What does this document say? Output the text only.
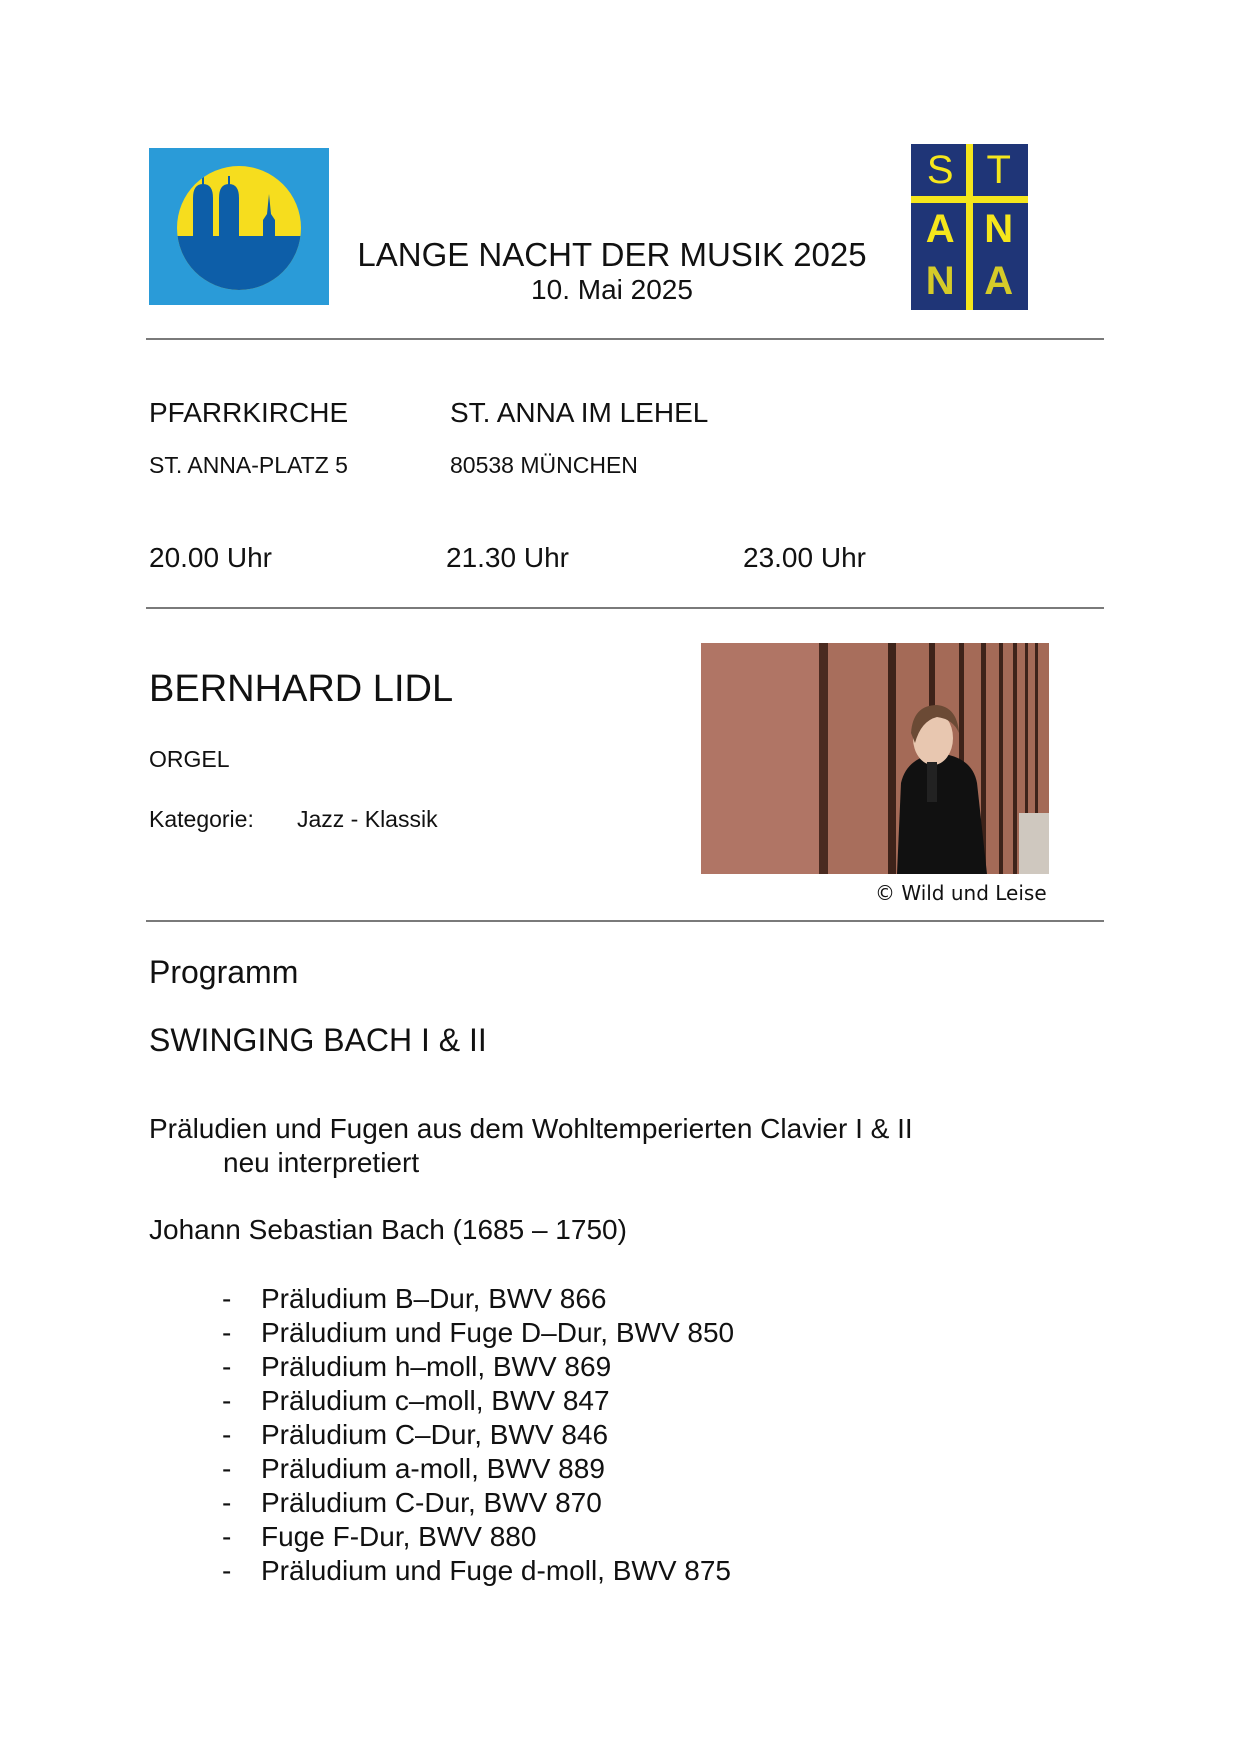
S T
A N
N A
LANGE NACHT DER MUSIK 2025
10. Mai 2025
PFARRKIRCHE	ST. ANNA IM LEHEL
ST. ANNA-PLATZ 5	80538 MÜNCHEN
20.00 Uhr	21.30 Uhr	23.00 Uhr
BERNHARD LIDL
ORGEL
Kategorie: Jazz - Klassik
© Wild und Leise
Programm
SWINGING BACH I & II
Präludien und Fugen aus dem Wohltemperierten Clavier I & II
neu interpretiert
Johann Sebastian Bach (1685 – 1750)
-	Präludium B–Dur, BWV 866
-	Präludium und Fuge D–Dur, BWV 850
-	Präludium h–moll, BWV 869
-	Präludium c–moll, BWV 847
-	Präludium C–Dur, BWV 846
-	Präludium a-moll, BWV 889
-	Präludium C-Dur, BWV 870
-	Fuge F-Dur, BWV 880
-	Präludium und Fuge d-moll, BWV 875
